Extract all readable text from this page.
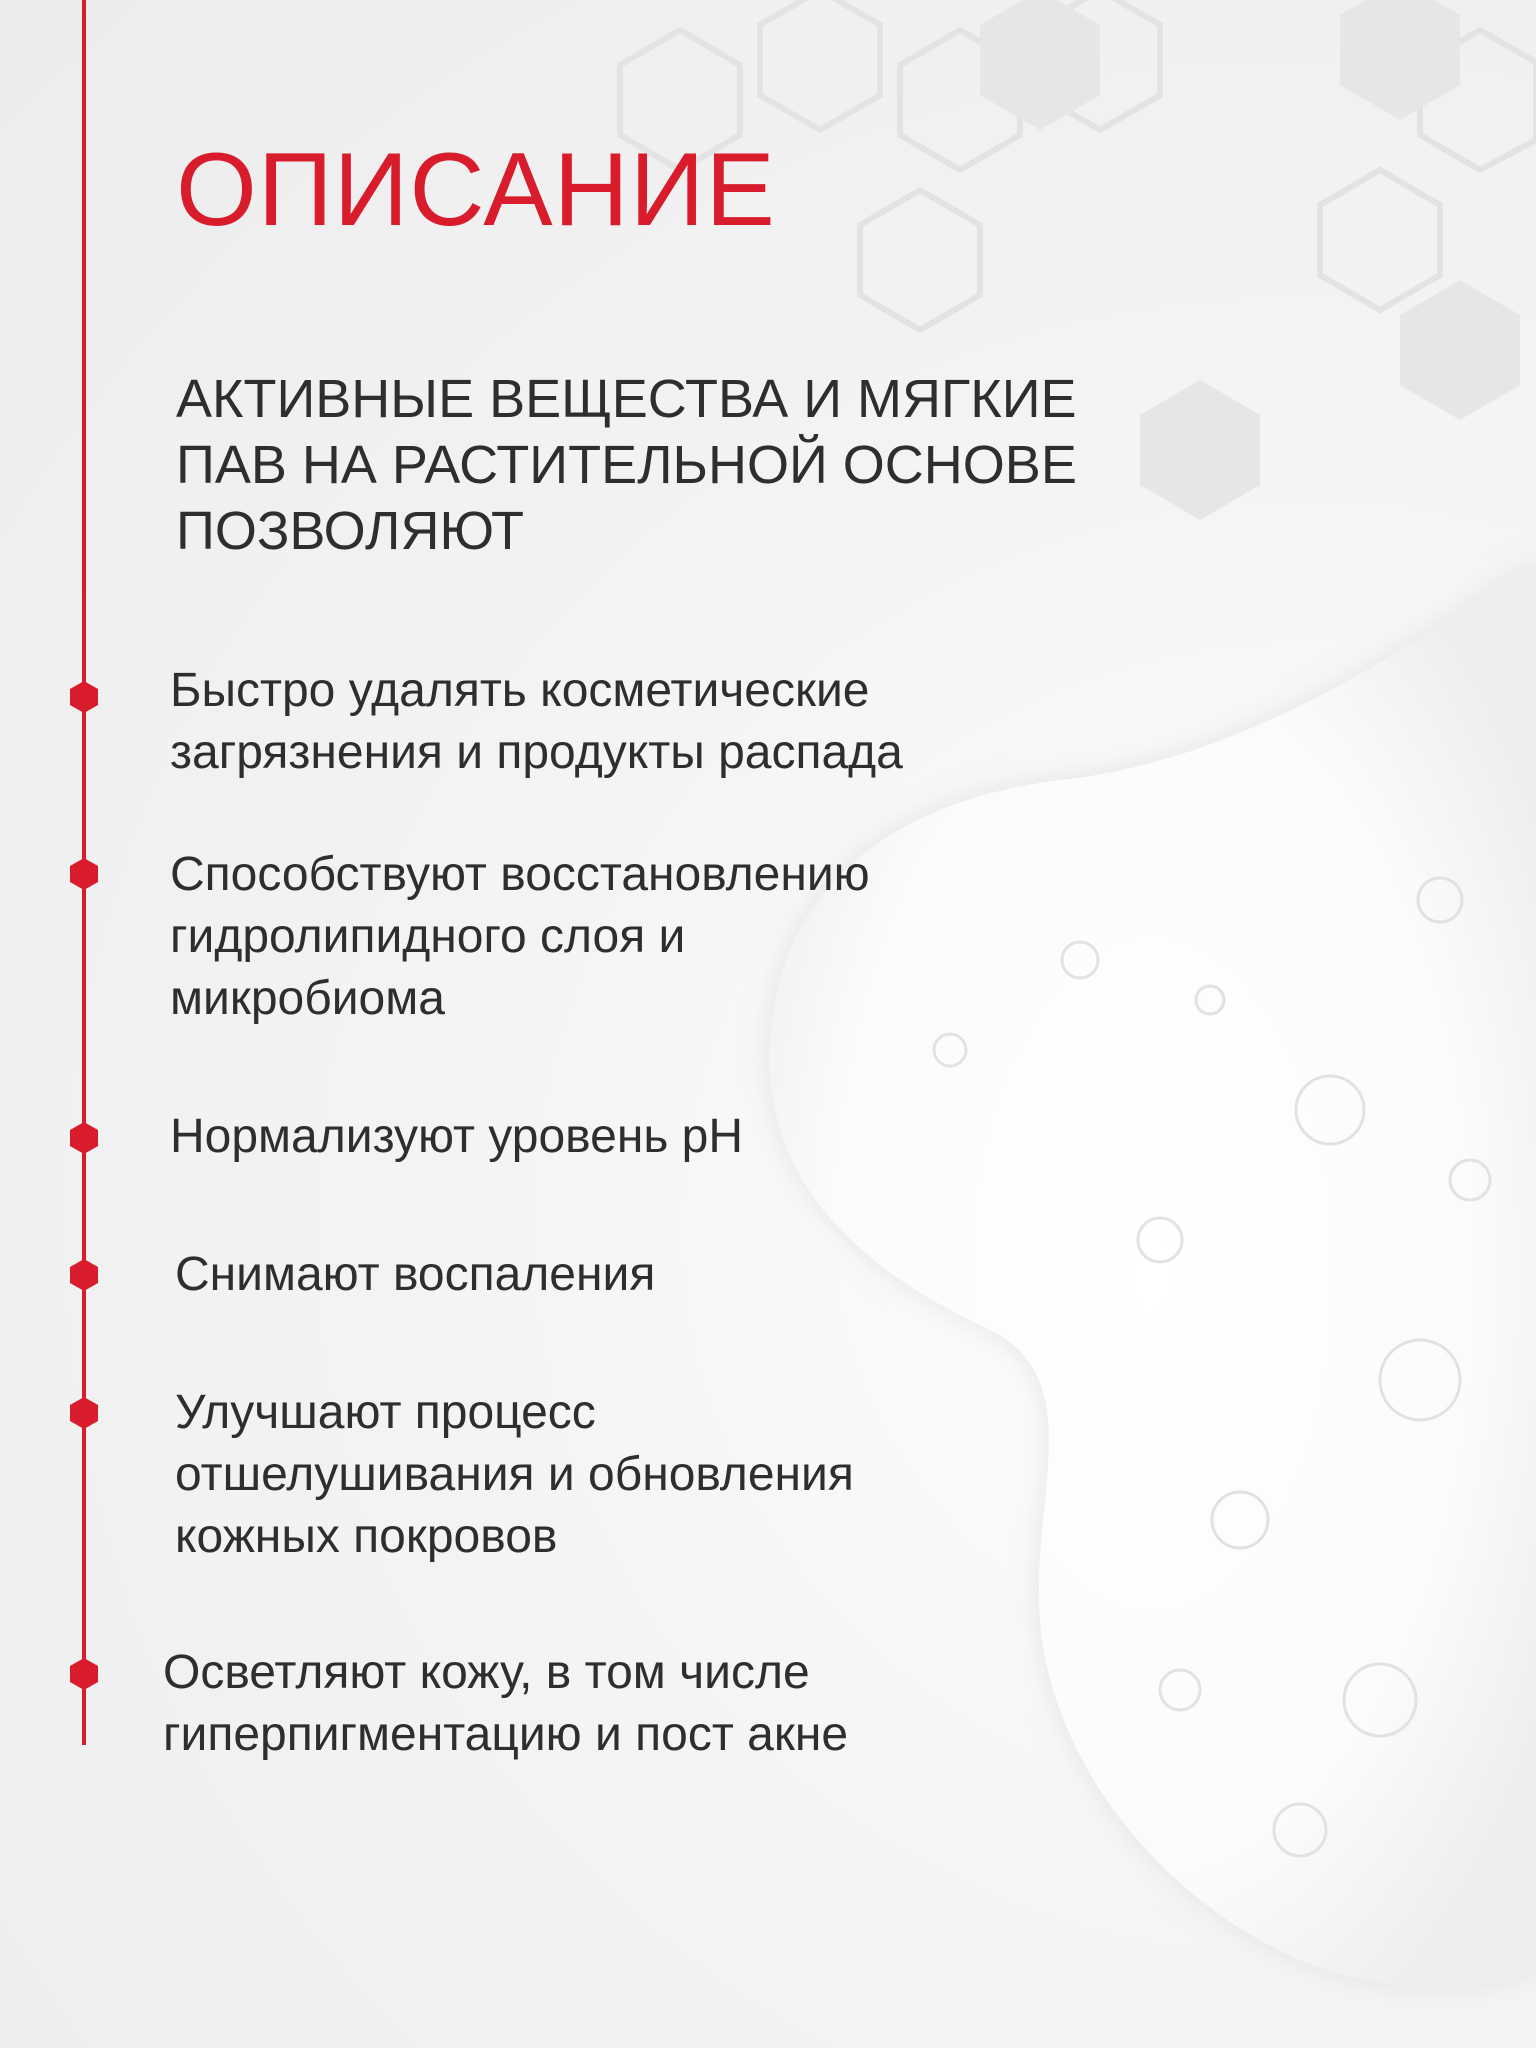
ОПИСАНИЕ

АКТИВНЫЕ ВЕЩЕСТВА И МЯГКИЕ ПАВ НА РАСТИТЕЛЬНОЙ ОСНОВЕ ПОЗВОЛЯЮТ

Быстро удалять косметические загрязнения и продукты распада
Способствуют восстановлению гидролипидного слоя и микробиома
Нормализуют уровень pH
Снимают воспаления
Улучшают процесс отшелушивания и обновления кожных покровов
Осветляют кожу, в том числе гиперпигментацию и пост акне
